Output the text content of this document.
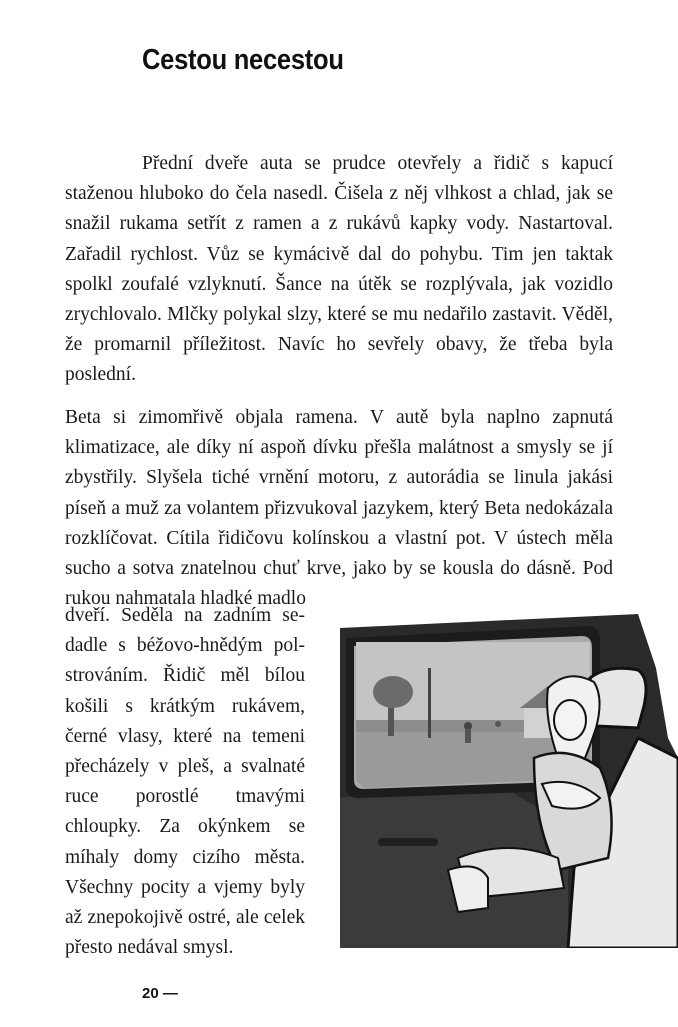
Cestou necestou

Přední dveře auta se prudce otevřely a řidič s kapucí staženou hluboko do čela nasedl. Čišela z něj vlhkost a chlad, jak se snažil rukama setřít z ramen a z rukávů kapky vody. Nastartoval. Zařadil rychlost. Vůz se kymácivě dal do pohybu. Tim jen taktak spolkl zoufalé vzlyknutí. Šance na útěk se rozplývala, jak vozidlo zrychlovalo. Mlčky polykal slzy, které se mu nedařilo zastavit. Věděl, že promarnil příležitost. Navíc ho sevřely obavy, že třeba byla poslední.

Beta si zimomřivě objala ramena. V autě byla naplno zapnutá klimatizace, ale díky ní aspoň dívku přešla malátnost a smysly se jí zbystřily. Slyšela tiché vrnění motoru, z autorádia se linula jakási píseň a muž za volantem přizvukoval jazykem, který Beta nedokázala rozklíčovat. Cítila řidičovu kolínskou a vlastní pot. V ústech měla sucho a sotva znatelnou chuť krve, jako by se kousla do dásně. Pod rukou nahmatala hladké madlo

dveří. Seděla na zadním sedadle s béžovo-hnědým polstrováním. Řidič měl bílou košili s krátkým rukávem, černé vlasy, které na temeni přecházely v pleš, a svalnaté ruce porostlé tmavými chloupky. Za okýnkem se míhaly domy cizího města. Všechny pocity a vjemy byly až znepokojivě ostré, ale celek přesto nedával smysl.

20 —
